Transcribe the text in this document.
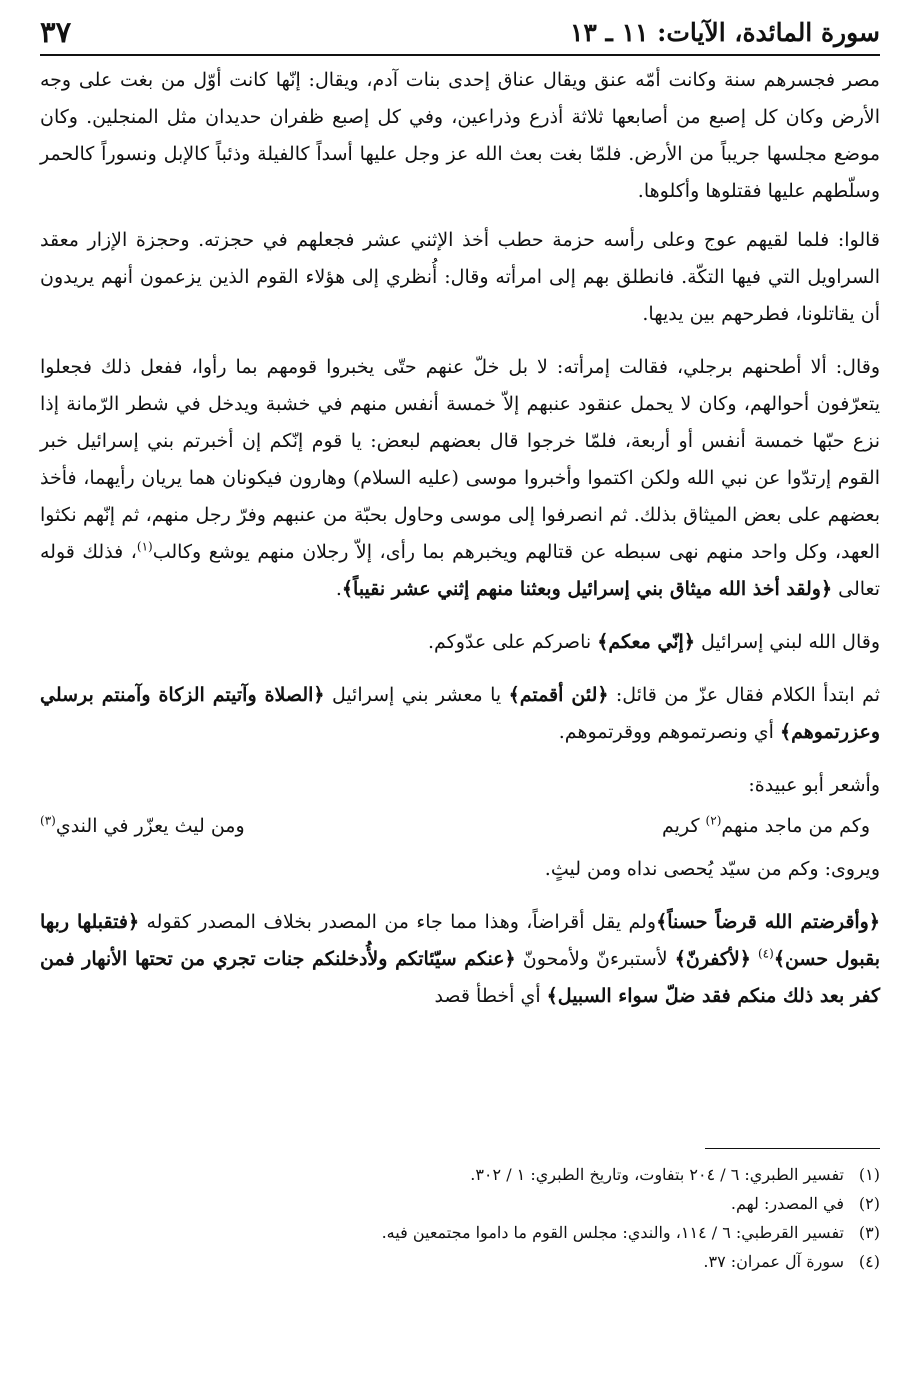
سورة المائدة، الآيات: ١١ ـ ١٣
٣٧

مصر فجسرهم سنة وكانت أمّه عنق ويقال عناق إحدى بنات آدم، ويقال: إنّها كانت أوّل من بغت على وجه الأرض وكان كل إصبع من أصابعها ثلاثة أذرع وذراعين، وفي كل إصبع ظفران حديدان مثل المنجلين. وكان موضع مجلسها جريباً من الأرض. فلمّا بغت بعث الله عز وجل عليها أسداً كالفيلة وذئباً كالإبل ونسوراً كالحمر وسلّطهم عليها فقتلوها وأكلوها.

قالوا: فلما لقيهم عوج وعلى رأسه حزمة حطب أخذ الإثني عشر فجعلهم في حجزته. وحجزة الإزار معقد السراويل التي فيها التكّة. فانطلق بهم إلى امرأته وقال: أُنظري إلى هؤلاء القوم الذين يزعمون أنهم يريدون أن يقاتلونا، فطرحهم بين يديها.

وقال: ألا أطحنهم برجلي، فقالت إمرأته: لا بل خلّ عنهم حتّى يخبروا قومهم بما رأوا، ففعل ذلك فجعلوا يتعرّفون أحوالهم، وكان لا يحمل عنقود عنبهم إلاّ خمسة أنفس منهم في خشبة ويدخل في شطر الرّمانة إذا نزع حبّها خمسة أنفس أو أربعة، فلمّا خرجوا قال بعضهم لبعض: يا قوم إنّكم إن أخبرتم بني إسرائيل خبر القوم إرتدّوا عن نبي الله ولكن اكتموا وأخبروا موسى (عليه السلام) وهارون فيكونان هما يريان رأيهما، فأخذ بعضهم على بعض الميثاق بذلك. ثم انصرفوا إلى موسى وحاول بحبّة من عنبهم وفرّ رجل منهم، ثم إنّهم نكثوا العهد، وكل واحد منهم نهى سبطه عن قتالهم ويخبرهم بما رأى، إلاّ رجلان منهم يوشع وكالب$^{(١)}$، فذلك قوله تعالى ﴿ولقد أخذ الله ميثاق بني إسرائيل وبعثنا منهم إثني عشر نقيباً﴾.

وقال الله لبني إسرائيل ﴿إنّي معكم﴾ ناصركم على عدّوكم.

ثم ابتدأ الكلام فقال عزّ من قائل: ﴿لئن أقمتم﴾ يا معشر بني إسرائيل ﴿الصلاة وآتيتم الزكاة وآمنتم برسلي وعزرتموهم﴾ أي ونصرتموهم ووقرتموهم.

وأشعر أبو عبيدة:

وكم من ماجد منهم$^{(٢)}$ كريم
ومن ليث يعزّر في الندي$^{(٣)}$

ويروى: وكم من سيّد يُحصى نداه ومن ليثٍ.

﴿وأقرضتم الله قرضاً حسناً﴾ولم يقل أقراضاً، وهذا مما جاء من المصدر بخلاف المصدر كقوله ﴿فتقبلها ربها بقبول حسن﴾$^{(٤)}$ ﴿لأكفرنّ﴾ لأستبرءنّ ولأمحونّ ﴿عنكم سيّئاتكم ولأُدخلنكم جنات تجري من تحتها الأنهار فمن كفر بعد ذلك منكم فقد ضلّ سواء السبيل﴾ أي أخطأ قصد

(١)تفسير الطبري: ٦ / ٢٠٤ بتفاوت، وتاريخ الطبري: ١ / ٣٠٢.
(٢)في المصدر: لهم.
(٣)تفسير القرطبي: ٦ / ١١٤، والندي: مجلس القوم ما داموا مجتمعين فيه.
(٤)سورة آل عمران: ٣٧.
